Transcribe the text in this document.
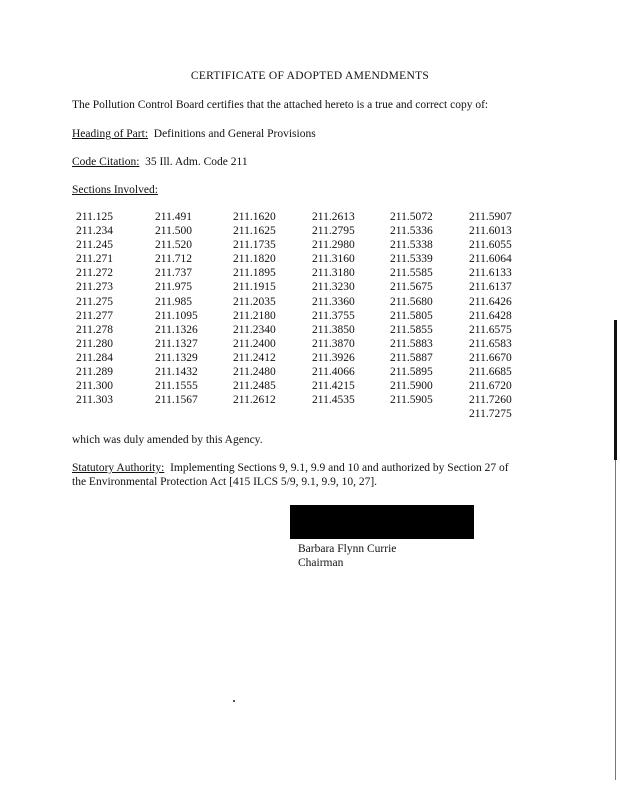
CERTIFICATE OF ADOPTED AMENDMENTS
The Pollution Control Board certifies that the attached hereto is a true and correct copy of:
Heading of Part: Definitions and General Provisions
Code Citation: 35 Ill. Adm. Code 211
Sections Involved:
211.125
211.234
211.245
211.271
211.272
211.273
211.275
211.277
211.278
211.280
211.284
211.289
211.300
211.303
211.491
211.500
211.520
211.712
211.737
211.975
211.985
211.1095
211.1326
211.1327
211.1329
211.1432
211.1555
211.1567
211.1620
211.1625
211.1735
211.1820
211.1895
211.1915
211.2035
211.2180
211.2340
211.2400
211.2412
211.2480
211.2485
211.2612
211.2613
211.2795
211.2980
211.3160
211.3180
211.3230
211.3360
211.3755
211.3850
211.3870
211.3926
211.4066
211.4215
211.4535
211.5072
211.5336
211.5338
211.5339
211.5585
211.5675
211.5680
211.5805
211.5855
211.5883
211.5887
211.5895
211.5900
211.5905
211.5907
211.6013
211.6055
211.6064
211.6133
211.6137
211.6426
211.6428
211.6575
211.6583
211.6670
211.6685
211.6720
211.7260
211.7275
which was duly amended by this Agency.
Statutory Authority: Implementing Sections 9, 9.1, 9.9 and 10 and authorized by Section 27 of
the Environmental Protection Act [415 ILCS 5/9, 9.1, 9.9, 10, 27].
Barbara Flynn Currie
Chairman
